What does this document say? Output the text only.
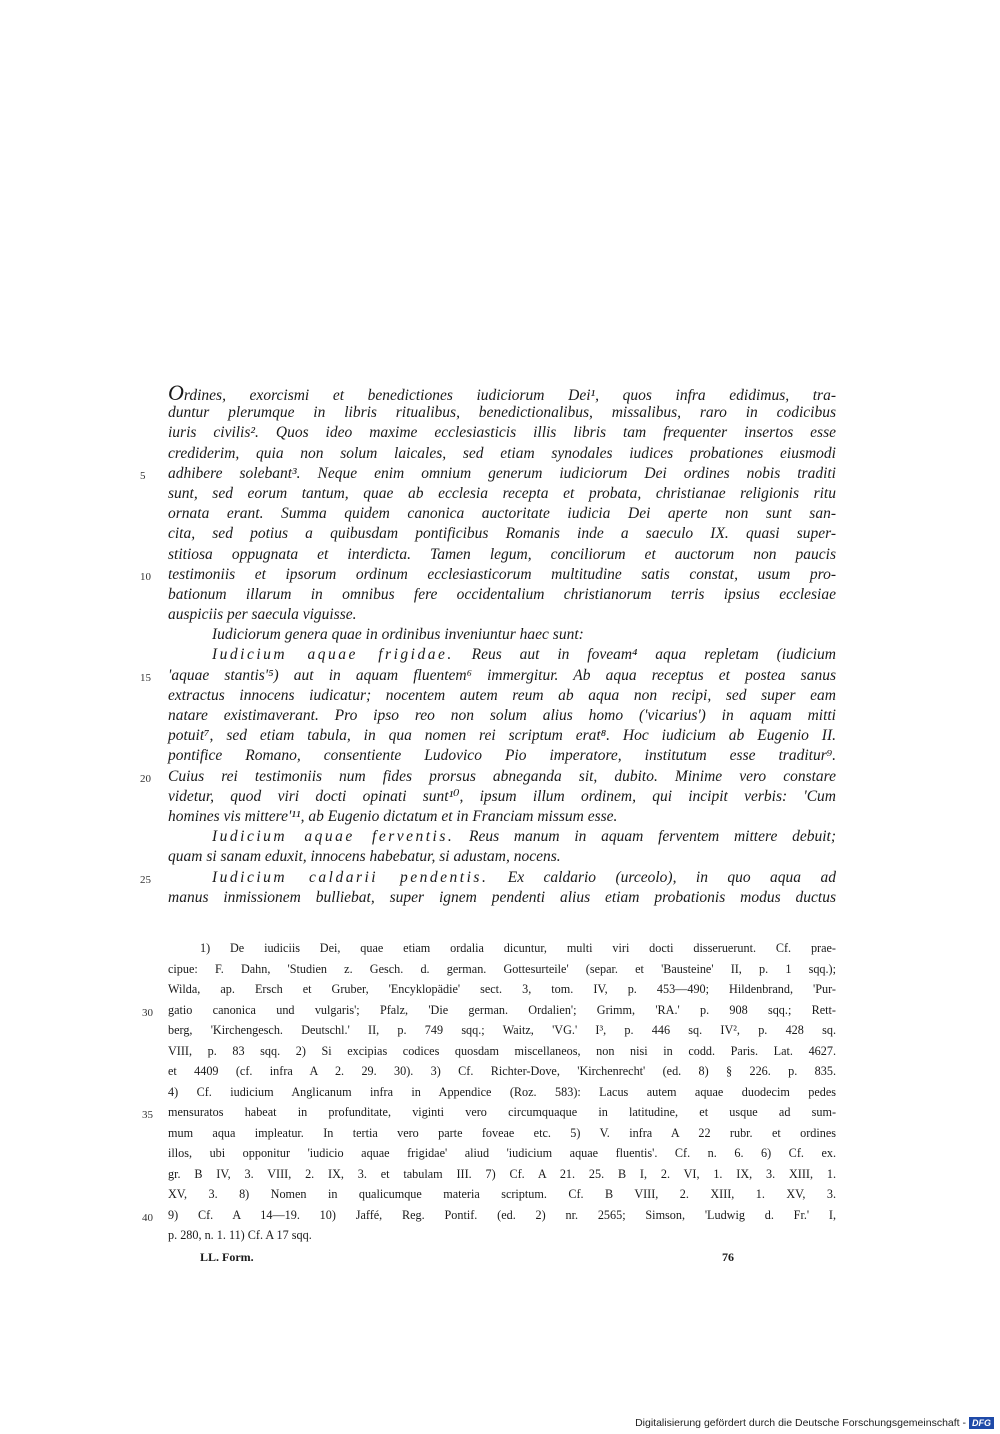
Ordines, exorcismi et benedictiones iudiciorum Dei¹, quos infra edidimus, tra-
duntur plerumque in libris ritualibus, benedictionalibus, missalibus, raro in codicibus
iuris civilis². Quos ideo maxime ecclesiasticis illis libris tam frequenter insertos esse
crediderim, quia non solum laicales, sed etiam synodales iudices probationes eiusmodi
5 adhibere solebant³. Neque enim omnium generum iudiciorum Dei ordines nobis traditi
sunt, sed eorum tantum, quae ab ecclesia recepta et probata, christianae religionis ritu
ornata erant. Summa quidem canonica auctoritate iudicia Dei aperte non sunt san-
cita, sed potius a quibusdam pontificibus Romanis inde a saeculo IX. quasi super-
stitiosa oppugnata et interdicta. Tamen legum, conciliorum et auctorum non paucis
10 testimoniis et ipsorum ordinum ecclesiasticorum multitudine satis constat, usum pro-
bationum illarum in omnibus fere occidentalium christianorum terris ipsius ecclesiae
auspiciis per saecula viguisse.
Iudiciorum genera quae in ordinibus inveniuntur haec sunt:
Iudicium aquae frigidae. Reus aut in foveam⁴ aqua repletam (iudicium
15 'aquae stantis'⁵) aut in aquam fluentem⁶ immergitur. Ab aqua receptus et postea sanus
extractus innocens iudicatur; nocentem autem reum ab aqua non recipi, sed super eam
natare existimaverant. Pro ipso reo non solum alius homo ('vicarius') in aquam mitti
potuit⁷, sed etiam tabula, in qua nomen rei scriptum erat⁸. Hoc iudicium ab Eugenio II.
pontifice Romano, consentiente Ludovico Pio imperatore, institutum esse traditur⁹.
20 Cuius rei testimoniis num fides prorsus abneganda sit, dubito. Minime vero constare
videtur, quod viri docti opinati sunt¹⁰, ipsum illum ordinem, qui incipit verbis: 'Cum
homines vis mittere'¹¹, ab Eugenio dictatum et in Franciam missum esse.
Iudicium aquae ferventis. Reus manum in aquam ferventem mittere debuit;
quam si sanam eduxit, innocens habebatur, si adustam, nocens.
25	Iudicium caldarii pendentis. Ex caldario (urceolo), in quo aqua ad
manus inmissionem bulliebat, super ignem pendenti alius etiam probationis modus ductus
1) De iudiciis Dei, quae etiam ordalia dicuntur, multi viri docti disseruerunt. Cf. prae-
cipue: F. Dahn, 'Studien z. Gesch. d. german. Gottesurteile' (separ. et 'Bausteine' II, p. 1 sqq.);
Wilda, ap. Ersch et Gruber, 'Encyklopädie' sect. 3, tom. IV, p. 453—490; Hildenbrand, 'Pur-
30 gatio canonica und vulgaris'; Pfalz, 'Die german. Ordalien'; Grimm, 'RA.' p. 908 sqq.; Rett-
berg, 'Kirchengesch. Deutschl.' II, p. 749 sqq.; Waitz, 'VG.' I³, p. 446 sq. IV², p. 428 sq.
VIII, p. 83 sqq. 2) Si excipias codices quosdam miscellaneos, non nisi in codd. Paris. Lat. 4627.
et 4409 (cf. infra A 2. 29. 30). 3) Cf. Richter-Dove, 'Kirchenrecht' (ed. 8) § 226. p. 835.
4) Cf. iudicium Anglicanum infra in Appendice (Roz. 583): Lacus autem aquae duodecim pedes
35 mensuratos habeat in profunditate, viginti vero circumquaque in latitudine, et usque ad sum-
mum aqua impleatur. In tertia vero parte foveae etc. 5) V. infra A 22 rubr. et ordines
illos, ubi opponitur 'iudicio aquae frigidae' aliud 'iudicium aquae fluentis'. Cf. n. 6. 6) Cf. ex.
gr. B IV, 3. VIII, 2. IX, 3. et tabulam III. 7) Cf. A 21. 25. B I, 2. VI, 1. IX, 3. XIII, 1.
XV, 3. 8) Nomen in qualicumque materia scriptum. Cf. B VIII, 2. XIII, 1. XV, 3.
40 9) Cf. A 14—19. 10) Jaffé, Reg. Pontif. (ed. 2) nr. 2565; Simson, 'Ludwig d. Fr.' I,
p. 280, n. 1. 11) Cf. A 17 sqq.
LL. Form.	76
Digitalisierung gefördert durch die Deutsche Forschungsgemeinschaft - DFG
